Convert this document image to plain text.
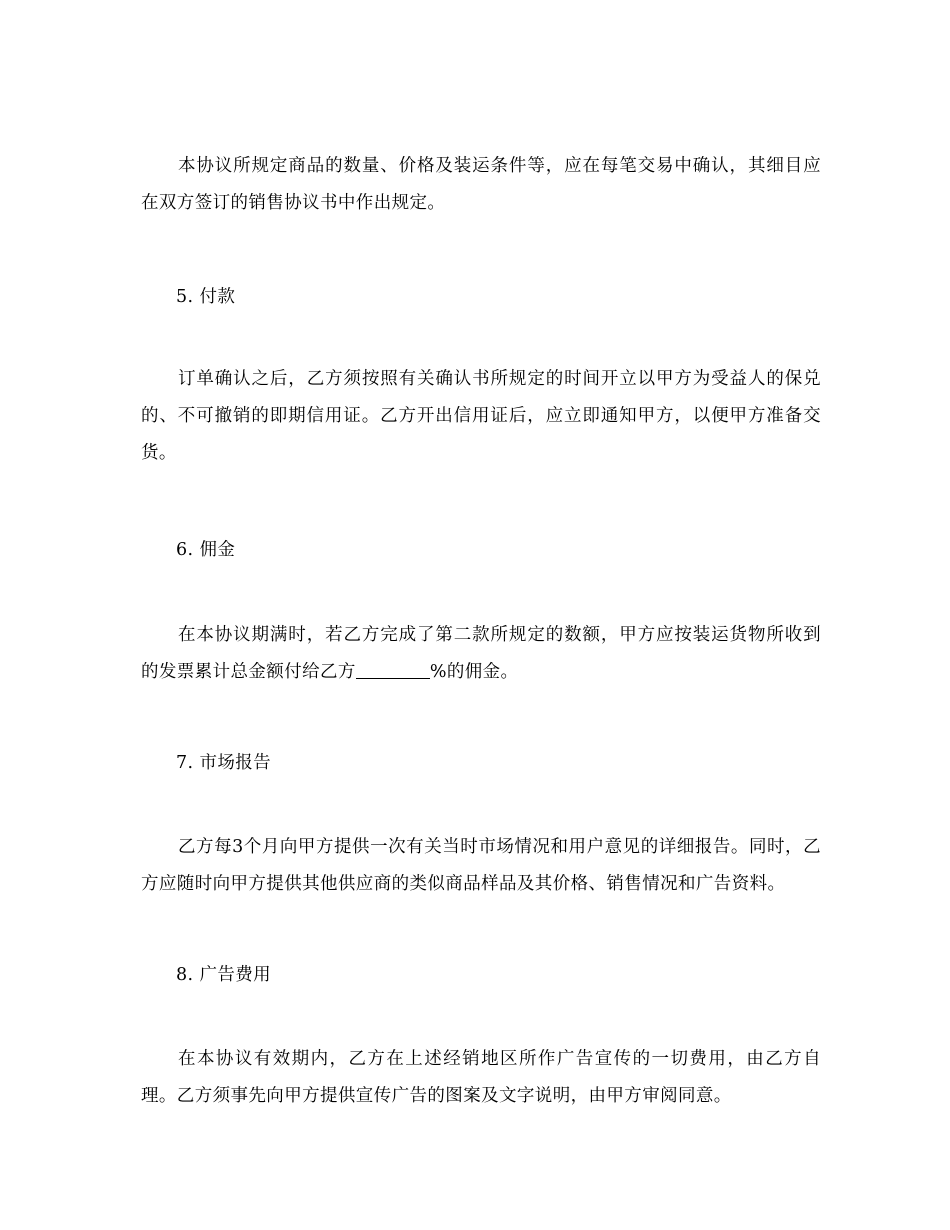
本协议所规定商品的数量、价格及装运条件等，应在每笔交易中确认，其细目应在双方签订的销售协议书中作出规定。
5. 付款
订单确认之后，乙方须按照有关确认书所规定的时间开立以甲方为受益人的保兑的、不可撤销的即期信用证。乙方开出信用证后，应立即通知甲方，以便甲方准备交货。
6. 佣金
在本协议期满时，若乙方完成了第二款所规定的数额，甲方应按装运货物所收到的发票累计总金额付给乙方	%的佣金。
7. 市场报告
乙方每3个月向甲方提供一次有关当时市场情况和用户意见的详细报告。同时，乙方应随时向甲方提供其他供应商的类似商品样品及其价格、销售情况和广告资料。
8. 广告费用
在本协议有效期内，乙方在上述经销地区所作广告宣传的一切费用，由乙方自理。乙方须事先向甲方提供宣传广告的图案及文字说明，由甲方审阅同意。
